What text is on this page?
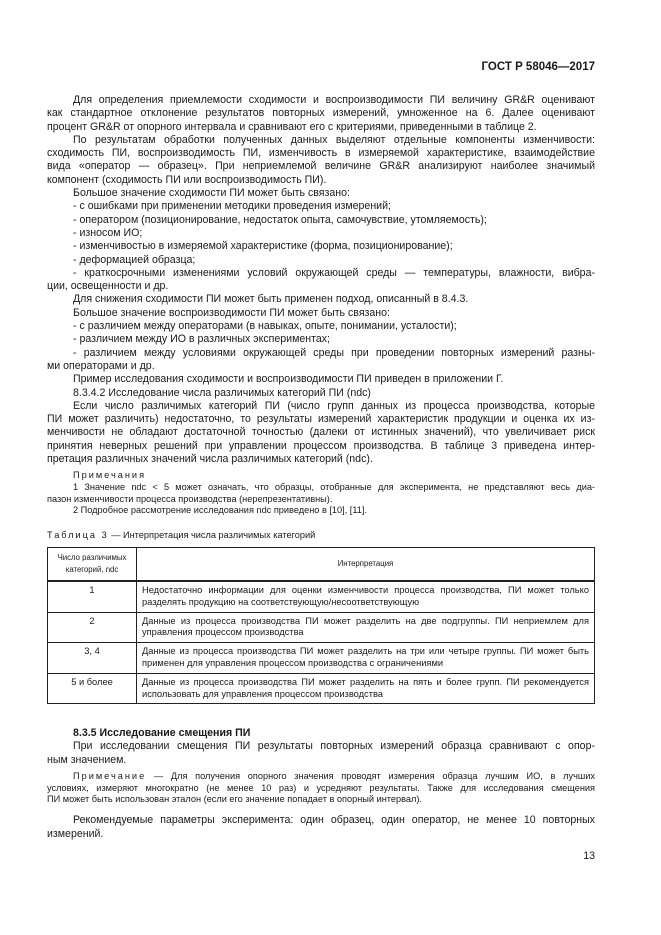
ГОСТ Р 58046—2017
Для определения приемлемости сходимости и воспроизводимости ПИ величину GR&R оценивают
как стандартное отклонение результатов повторных измерений, умноженное на 6. Далее оценивают
процент GR&R от опорного интервала и сравнивают его с критериями, приведенными в таблице 2.
По результатам обработки полученных данных выделяют отдельные компоненты изменчивости:
сходимость ПИ, воспроизводимость ПИ, изменчивость в измеряемой характеристике, взаимодействие
вида «оператор — образец». При неприемлемой величине GR&R анализируют наиболее значимый
компонент (сходимость ПИ или воспроизводимость ПИ).
Большое значение сходимости ПИ может быть связано:
- с ошибками при применении методики проведения измерений;
- оператором (позиционирование, недостаток опыта, самочувствие, утомляемость);
- износом ИО;
- изменчивостью в измеряемой характеристике (форма, позиционирование);
- деформацией образца;
- краткосрочными изменениями условий окружающей среды — температуры, влажности, вибра-
ции, освещенности и др.
Для снижения сходимости ПИ может быть применен подход, описанный в 8.4.3.
Большое значение воспроизводимости ПИ может быть связано:
- с различием между операторами (в навыках, опыте, понимании, усталости);
- различием между ИО в различных экспериментах;
- различием между условиями окружающей среды при проведении повторных измерений разны-
ми операторами и др.
Пример исследования сходимости и воспроизводимости ПИ приведен в приложении Г.
8.3.4.2 Исследование числа различимых категорий ПИ (ndc)
Если число различимых категорий ПИ (число групп данных из процесса производства, которые
ПИ может различить) недостаточно, то результаты измерений характеристик продукции и оценка их из-
менчивости не обладают достаточной точностью (далеки от истинных значений), что увеличивает риск
принятия неверных решений при управлении процессом производства. В таблице 3 приведена интер-
претация различных значений числа различимых категорий (ndc).
Примечания
1 Значение ndc < 5 может означать, что образцы, отобранные для эксперимента, не представляют весь диа-
пазон изменчивости процесса производства (нерепрезентативны).
2 Подробное рассмотрение исследования ndc приведено в [10], [11].
Таблица 3 — Интерпретация числа различимых категорий
Число различимых категорий, ndc	Интерпретация
1	Недостаточно информации для оценки изменчивости процесса производства, ПИ может только разделять продукцию на соответствующую/несоответствующую
2	Данные из процесса производства ПИ может разделить на две подгруппы. ПИ неприемлем для управления процессом производства
3, 4	Данные из процесса производства ПИ может разделить на три или четыре группы. ПИ может быть применен для управления процессом производства с ограничениями
5 и более	Данные из процесса производства ПИ может разделить на пять и более групп. ПИ рекомендуется использовать для управления процессом производства
8.3.5 Исследование смещения ПИ
При исследовании смещения ПИ результаты повторных измерений образца сравнивают с опор-
ным значением.
Примечание — Для получения опорного значения проводят измерения образца лучшим ИО, в лучших
условиях, измеряют многократно (не менее 10 раз) и усредняют результаты. Также для исследования смещения
ПИ может быть использован эталон (если его значение попадает в опорный интервал).
Рекомендуемые параметры эксперимента: один образец, один оператор, не менее 10 повторных
измерений.
13
